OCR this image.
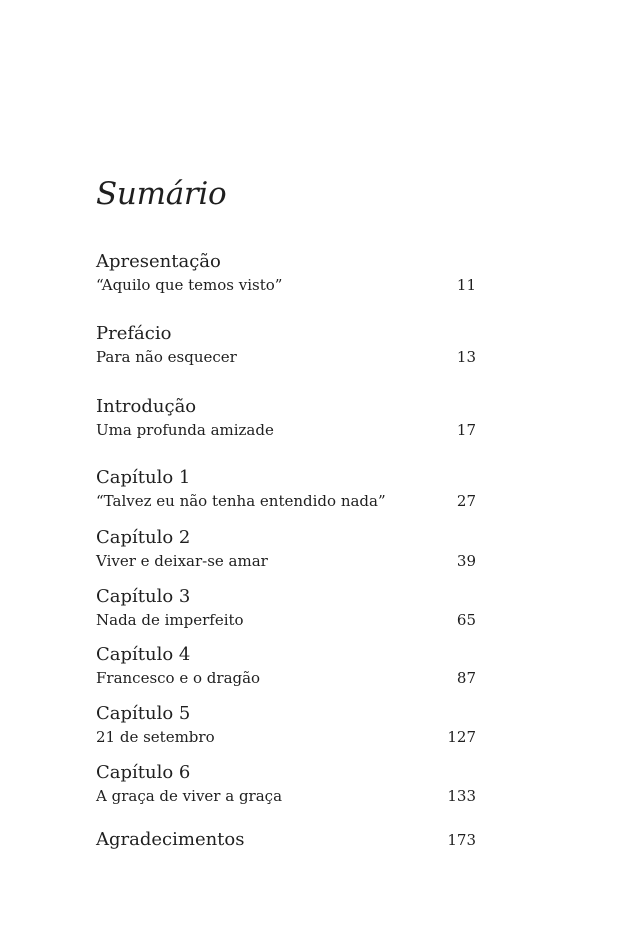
Sumário
Apresentação
“Aquilo que temos visto”	11
Prefácio
Para não esquecer	13
Introdução
Uma profunda amizade	17
Capítulo 1
“Talvez eu não tenha entendido nada”	27
Capítulo 2
Viver e deixar-se amar	39
Capítulo 3
Nada de imperfeito	65
Capítulo 4
Francesco e o dragão	87
Capítulo 5
21 de setembro	127
Capítulo 6
A graça de viver a graça	133
Agradecimentos	173
